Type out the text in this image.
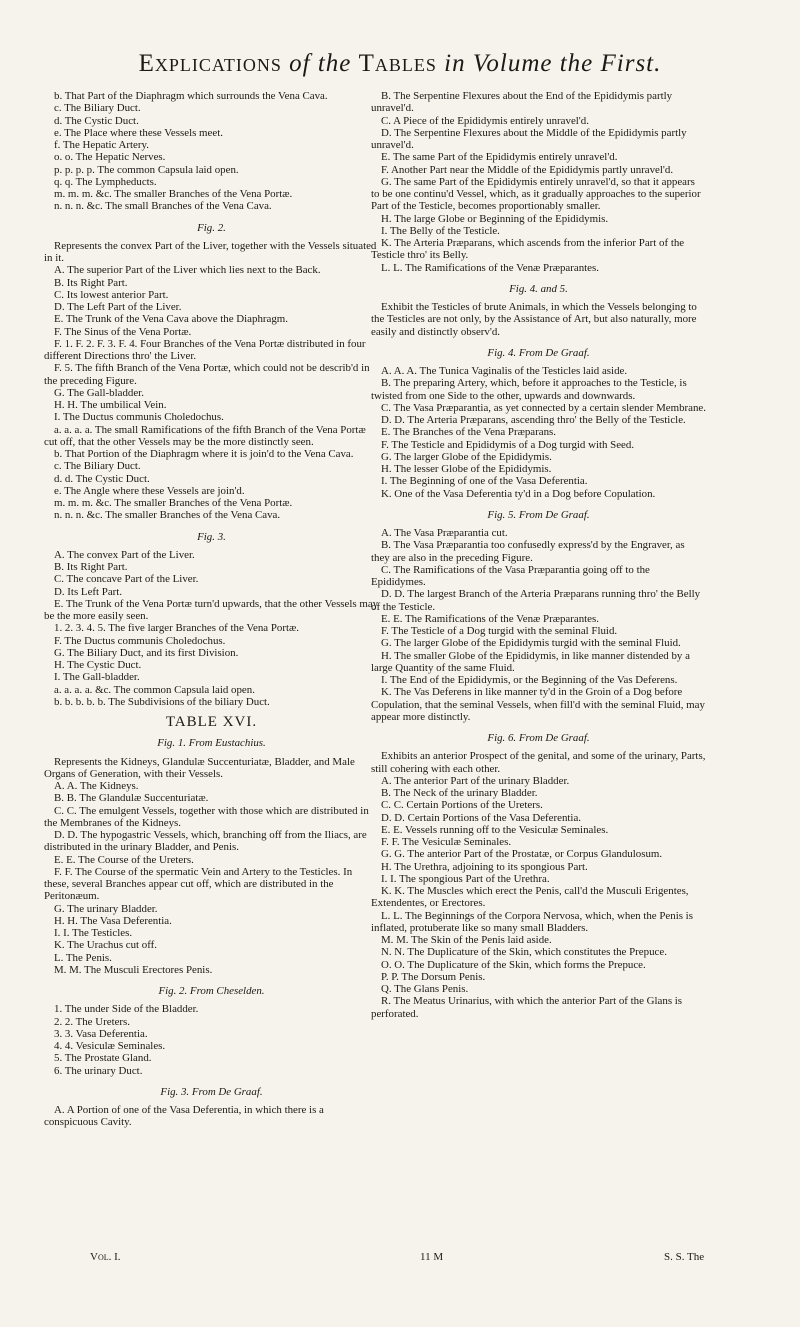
Explications of the Tables in Volume the First.

b. That Part of the Diaphragm which surrounds the Vena Cava.

c. The Biliary Duct.

d. The Cystic Duct.

e. The Place where these Vessels meet.

f. The Hepatic Artery.

o. o. The Hepatic Nerves.

p. p. p. p. The common Capsula laid open.

q. q. The Lympheducts.

m. m. m. &c. The smaller Branches of the Vena Portæ.

n. n. n. &c. The small Branches of the Vena Cava.

Fig. 2.

Represents the convex Part of the Liver, together with the Vessels situated in it.

A. The superior Part of the Liver which lies next to the Back.

B. Its Right Part.

C. Its lowest anterior Part.

D. The Left Part of the Liver.

E. The Trunk of the Vena Cava above the Diaphragm.

F. The Sinus of the Vena Portæ.

F. 1. F. 2. F. 3. F. 4. Four Branches of the Vena Portæ distributed in four different Directions thro' the Liver.

F. 5. The fifth Branch of the Vena Portæ, which could not be describ'd in the preceding Figure.

G. The Gall-bladder.

H. H. The umbilical Vein.

I. The Ductus communis Choledochus.

a. a. a. a. The small Ramifications of the fifth Branch of the Vena Portæ cut off, that the other Vessels may be the more distinctly seen.

b. That Portion of the Diaphragm where it is join'd to the Vena Cava.

c. The Biliary Duct.

d. d. The Cystic Duct.

e. The Angle where these Vessels are join'd.

m. m. m. &c. The smaller Branches of the Vena Portæ.

n. n. n. &c. The smaller Branches of the Vena Cava.

Fig. 3.

A. The convex Part of the Liver.

B. Its Right Part.

C. The concave Part of the Liver.

D. Its Left Part.

E. The Trunk of the Vena Portæ turn'd upwards, that the other Vessels may be the more easily seen.

1. 2. 3. 4. 5. The five larger Branches of the Vena Portæ.

F. The Ductus communis Choledochus.

G. The Biliary Duct, and its first Division.

H. The Cystic Duct.

I. The Gall-bladder.

a. a. a. a. &c. The common Capsula laid open.

b. b. b. b. b. The Subdivisions of the biliary Duct.

TABLE XVI.

Fig. 1. From Eustachius.

Represents the Kidneys, Glandulæ Succenturiatæ, Bladder, and Male Organs of Generation, with their Vessels.

A. A. The Kidneys.

B. B. The Glandulæ Succenturiatæ.

C. C. The emulgent Vessels, together with those which are distributed in the Membranes of the Kidneys.

D. D. The hypogastric Vessels, which, branching off from the Iliacs, are distributed in the urinary Bladder, and Penis.

E. E. The Course of the Ureters.

F. F. The Course of the spermatic Vein and Artery to the Testicles. In these, several Branches appear cut off, which are distributed in the Peritonæum.

G. The urinary Bladder.

H. H. The Vasa Deferentia.

I. I. The Testicles.

K. The Urachus cut off.

L. The Penis.

M. M. The Musculi Erectores Penis.

Fig. 2. From Cheselden.

1. The under Side of the Bladder.

2. 2. The Ureters.

3. 3. Vasa Deferentia.

4. 4. Vesiculæ Seminales.

5. The Prostate Gland.

6. The urinary Duct.

Fig. 3. From De Graaf.

A. A Portion of one of the Vasa Deferentia, in which there is a conspicuous Cavity.

B. The Serpentine Flexures about the End of the Epididymis partly unravel'd.

C. A Piece of the Epididymis entirely unravel'd.

D. The Serpentine Flexures about the Middle of the Epididymis partly unravel'd.

E. The same Part of the Epididymis entirely unravel'd.

F. Another Part near the Middle of the Epididymis partly unravel'd.

G. The same Part of the Epididymis entirely unravel'd, so that it appears to be one continu'd Vessel, which, as it gradually approaches to the superior Part of the Testicle, becomes proportionably smaller.

H. The large Globe or Beginning of the Epididymis.

I. The Belly of the Testicle.

K. The Arteria Præparans, which ascends from the inferior Part of the Testicle thro' its Belly.

L. L. The Ramifications of the Venæ Præparantes.

Fig. 4. and 5.

Exhibit the Testicles of brute Animals, in which the Vessels belonging to the Testicles are not only, by the Assistance of Art, but also naturally, more easily and distinctly observ'd.

Fig. 4. From De Graaf.

A. A. A. The Tunica Vaginalis of the Testicles laid aside.

B. The preparing Artery, which, before it approaches to the Testicle, is twisted from one Side to the other, upwards and downwards.

C. The Vasa Præparantia, as yet connected by a certain slender Membrane.

D. D. The Arteria Præparans, ascending thro' the Belly of the Testicle.

E. The Branches of the Vena Præparans.

F. The Testicle and Epididymis of a Dog turgid with Seed.

G. The larger Globe of the Epididymis.

H. The lesser Globe of the Epididymis.

I. The Beginning of one of the Vasa Deferentia.

K. One of the Vasa Deferentia ty'd in a Dog before Copulation.

Fig. 5. From De Graaf.

A. The Vasa Præparantia cut.

B. The Vasa Præparantia too confusedly express'd by the Engraver, as they are also in the preceding Figure.

C. The Ramifications of the Vasa Præparantia going off to the Epididymes.

D. D. The largest Branch of the Arteria Præparans running thro' the Belly of the Testicle.

E. E. The Ramifications of the Venæ Præparantes.

F. The Testicle of a Dog turgid with the seminal Fluid.

G. The larger Globe of the Epididymis turgid with the seminal Fluid.

H. The smaller Globe of the Epididymis, in like manner distended by a large Quantity of the same Fluid.

I. The End of the Epididymis, or the Beginning of the Vas Deferens.

K. The Vas Deferens in like manner ty'd in the Groin of a Dog before Copulation, that the seminal Vessels, when fill'd with the seminal Fluid, may appear more distinctly.

Fig. 6. From De Graaf.

Exhibits an anterior Prospect of the genital, and some of the urinary, Parts, still cohering with each other.

A. The anterior Part of the urinary Bladder.

B. The Neck of the urinary Bladder.

C. C. Certain Portions of the Ureters.

D. D. Certain Portions of the Vasa Deferentia.

E. E. Vessels running off to the Vesiculæ Seminales.

F. F. The Vesiculæ Seminales.

G. G. The anterior Part of the Prostatæ, or Corpus Glandulosum.

H. The Urethra, adjoining to its spongious Part.

I. I. The spongious Part of the Urethra.

K. K. The Muscles which erect the Penis, call'd the Musculi Erigentes, Extendentes, or Erectores.

L. L. The Beginnings of the Corpora Nervosa, which, when the Penis is inflated, protuberate like so many small Bladders.

M. M. The Skin of the Penis laid aside.

N. N. The Duplicature of the Skin, which constitutes the Prepuce.

O. O. The Duplicature of the Skin, which forms the Prepuce.

P. P. The Dorsum Penis.

Q. The Glans Penis.

R. The Meatus Urinarius, with which the anterior Part of the Glans is perforated.

Vol. I.	11 M	S. S. The
